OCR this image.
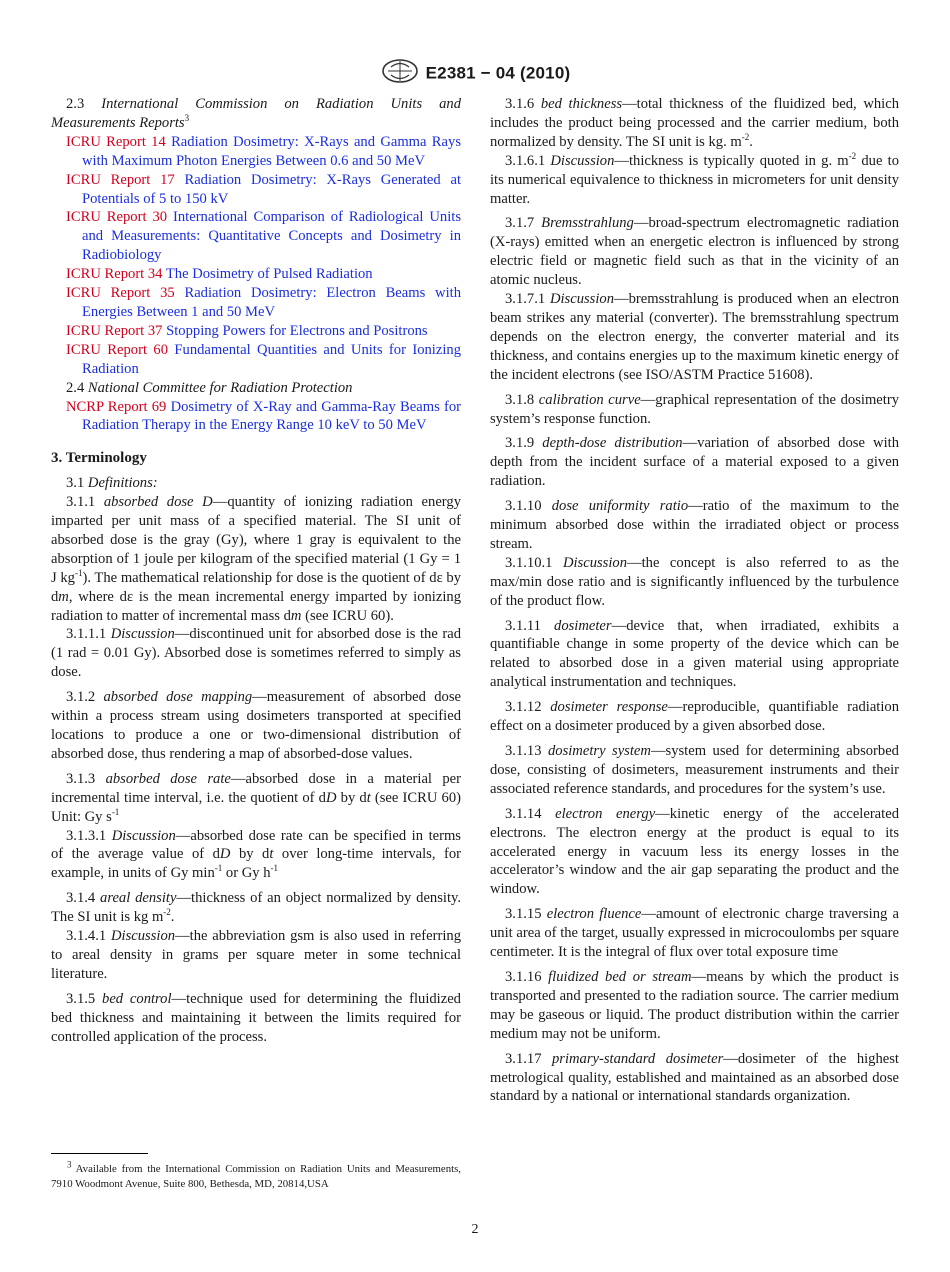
E2381 − 04 (2010)

2.3 International Commission on Radiation Units and Measurements Reports$^3$

ICRU Report 14 Radiation Dosimetry: X-Rays and Gamma Rays with Maximum Photon Energies Between 0.6 and 50 MeV

ICRU Report 17 Radiation Dosimetry: X-Rays Generated at Potentials of 5 to 150 kV

ICRU Report 30 International Comparison of Radiological Units and Measurements: Quantitative Concepts and Dosimetry in Radiobiology

ICRU Report 34 The Dosimetry of Pulsed Radiation

ICRU Report 35 Radiation Dosimetry: Electron Beams with Energies Between 1 and 50 MeV

ICRU Report 37 Stopping Powers for Electrons and Positrons

ICRU Report 60 Fundamental Quantities and Units for Ionizing Radiation

2.4 National Committee for Radiation Protection

NCRP Report 69 Dosimetry of X-Ray and Gamma-Ray Beams for Radiation Therapy in the Energy Range 10 keV to 50 MeV

3. Terminology

3.1 Definitions:

3.1.1 absorbed dose D—quantity of ionizing radiation energy imparted per unit mass of a specified material. The SI unit of absorbed dose is the gray (Gy), where 1 gray is equivalent to the absorption of 1 joule per kilogram of the specified material (1 Gy = 1 J $kg^{-1}$). The mathematical relationship for dose is the quotient of dε by dm, where dε is the mean incremental energy imparted by ionizing radiation to matter of incremental mass dm (see ICRU 60).

3.1.1.1 Discussion—discontinued unit for absorbed dose is the rad (1 rad = 0.01 Gy). Absorbed dose is sometimes referred to simply as dose.

3.1.2 absorbed dose mapping—measurement of absorbed dose within a process stream using dosimeters transported at specified locations to produce a one or two-dimensional distribution of absorbed dose, thus rendering a map of absorbed-dose values.

3.1.3 absorbed dose rate—absorbed dose in a material per incremental time interval, i.e. the quotient of dD by dt (see ICRU 60) Unit: Gy $s^{-1}$

3.1.3.1 Discussion—absorbed dose rate can be specified in terms of the average value of dD by dt over long-time intervals, for example, in units of Gy $\min^{-1}$ or Gy $h^{-1}$

3.1.4 areal density—thickness of an object normalized by density. The SI unit is kg $m^{-2}$.

3.1.4.1 Discussion—the abbreviation gsm is also used in referring to areal density in grams per square meter in some technical literature.

3.1.5 bed control—technique used for determining the fluidized bed thickness and maintaining it between the limits required for controlled application of the process.

3.1.6 bed thickness—total thickness of the fluidized bed, which includes the product being processed and the carrier medium, both normalized by density. The SI unit is kg. $m^{-2}$.

3.1.6.1 Discussion—thickness is typically quoted in g. $m^{-2}$ due to its numerical equivalence to thickness in micrometers for unit density matter.

3.1.7 Bremsstrahlung—broad-spectrum electromagnetic radiation (X-rays) emitted when an energetic electron is influenced by strong electric field or magnetic field such as that in the vicinity of an atomic nucleus.

3.1.7.1 Discussion—bremsstrahlung is produced when an electron beam strikes any material (converter). The bremsstrahlung spectrum depends on the electron energy, the converter material and its thickness, and contains energies up to the maximum kinetic energy of the incident electrons (see ISO/ASTM Practice 51608).

3.1.8 calibration curve—graphical representation of the dosimetry system’s response function.

3.1.9 depth-dose distribution—variation of absorbed dose with depth from the incident surface of a material exposed to a given radiation.

3.1.10 dose uniformity ratio—ratio of the maximum to the minimum absorbed dose within the irradiated object or process stream.

3.1.10.1 Discussion—the concept is also referred to as the max/min dose ratio and is significantly influenced by the turbulence of the product flow.

3.1.11 dosimeter—device that, when irradiated, exhibits a quantifiable change in some property of the device which can be related to absorbed dose in a given material using appropriate analytical instrumentation and techniques.

3.1.12 dosimeter response—reproducible, quantifiable radiation effect on a dosimeter produced by a given absorbed dose.

3.1.13 dosimetry system—system used for determining absorbed dose, consisting of dosimeters, measurement instruments and their associated reference standards, and procedures for the system’s use.

3.1.14 electron energy—kinetic energy of the accelerated electrons. The electron energy at the product is equal to its accelerated energy in vacuum less its energy losses in the accelerator’s window and the air gap separating the product and the window.

3.1.15 electron fluence—amount of electronic charge traversing a unit area of the target, usually expressed in microcoulombs per square centimeter. It is the integral of flux over total exposure time

3.1.16 fluidized bed or stream—means by which the product is transported and presented to the radiation source. The carrier medium may be gaseous or liquid. The product distribution within the carrier medium may not be uniform.

3.1.17 primary-standard dosimeter—dosimeter of the highest metrological quality, established and maintained as an absorbed dose standard by a national or international standards organization.

$^3$ Available from the International Commission on Radiation Units and Measurements, 7910 Woodmont Avenue, Suite 800, Bethesda, MD, 20814,USA

2
